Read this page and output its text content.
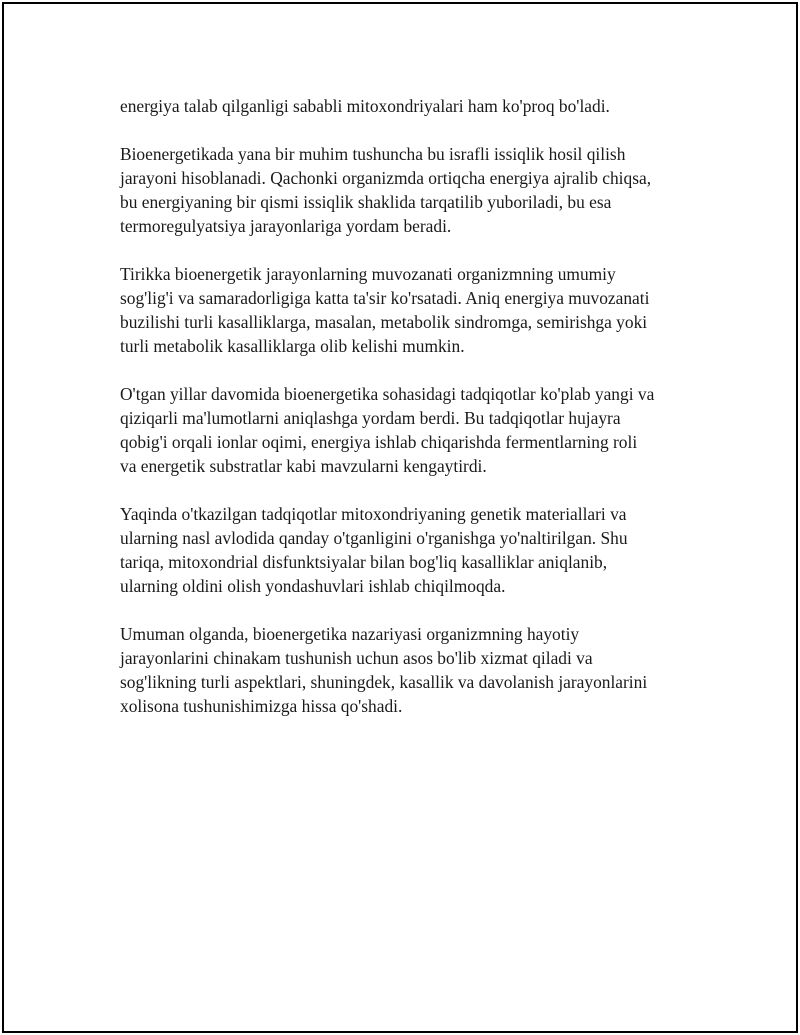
energiya talab qilganligi sababli mitoxondriyalari ham ko'proq bo'ladi.

Bioenergetikada yana bir muhim tushuncha bu israfli issiqlik hosil qilish
jarayoni hisoblanadi. Qachonki organizmda ortiqcha energiya ajralib chiqsa,
bu energiyaning bir qismi issiqlik shaklida tarqatilib yuboriladi, bu esa
termoregulyatsiya jarayonlariga yordam beradi.

Tirikka bioenergetik jarayonlarning muvozanati organizmning umumiy
sog'lig'i va samaradorligiga katta ta'sir ko'rsatadi. Aniq energiya muvozanati
buzilishi turli kasalliklarga, masalan, metabolik sindromga, semirishga yoki
turli metabolik kasalliklarga olib kelishi mumkin.

O'tgan yillar davomida bioenergetika sohasidagi tadqiqotlar ko'plab yangi va
qiziqarli ma'lumotlarni aniqlashga yordam berdi. Bu tadqiqotlar hujayra
qobig'i orqali ionlar oqimi, energiya ishlab chiqarishda fermentlarning roli
va energetik substratlar kabi mavzularni kengaytirdi.

Yaqinda o'tkazilgan tadqiqotlar mitoxondriyaning genetik materiallari va
ularning nasl avlodida qanday o'tganligini o'rganishga yo'naltirilgan. Shu
tariqa, mitoxondrial disfunktsiyalar bilan bog'liq kasalliklar aniqlanib,
ularning oldini olish yondashuvlari ishlab chiqilmoqda.

Umuman olganda, bioenergetika nazariyasi organizmning hayotiy
jarayonlarini chinakam tushunish uchun asos bo'lib xizmat qiladi va
sog'likning turli aspektlari, shuningdek, kasallik va davolanish jarayonlarini
xolisona tushunishimizga hissa qo'shadi.
